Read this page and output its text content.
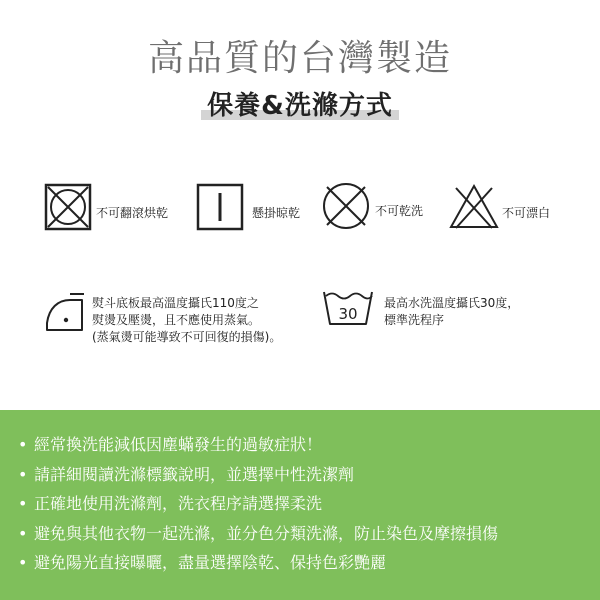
高品質的台灣製造
保養&洗滌方式
不可翻滾烘乾	懸掛晾乾	不可乾洗	不可漂白
熨斗底板最高溫度攝氏110度之
熨燙及壓燙，且不應使用蒸氣。
(蒸氣燙可能導致不可回復的損傷)。
30
最高水洗溫度攝氏30度，
標準洗程序
• 經常換洗能減低因塵蟎發生的過敏症狀！
• 請詳細閱讀洗滌標籤說明，並選擇中性洗潔劑
• 正確地使用洗滌劑，洗衣程序請選擇柔洗
• 避免與其他衣物一起洗滌，並分色分類洗滌，防止染色及摩擦損傷
• 避免陽光直接曝曬，盡量選擇陰乾、保持色彩艷麗
